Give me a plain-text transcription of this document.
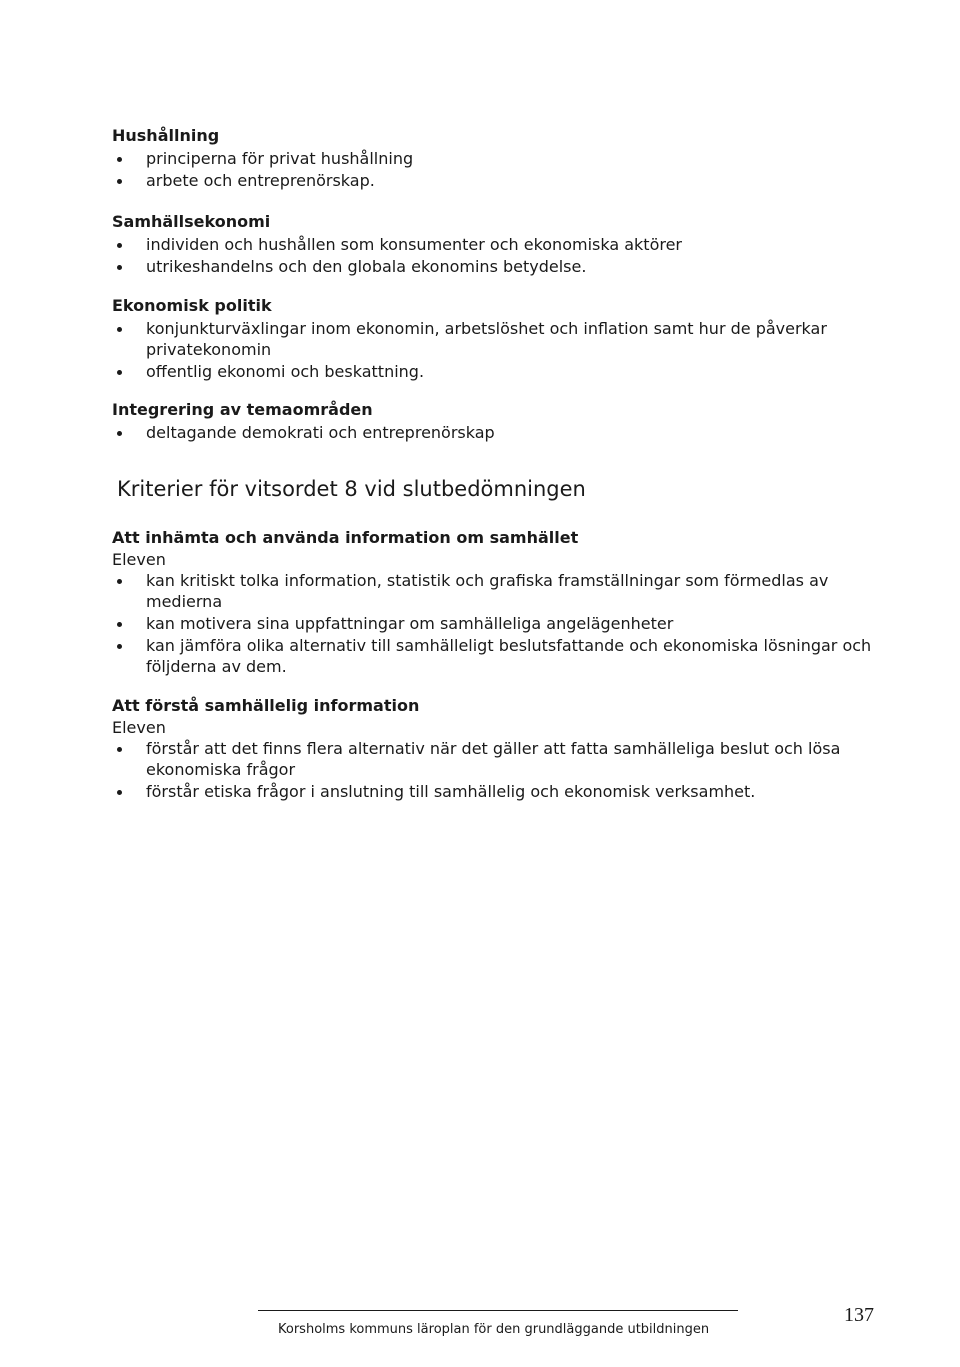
Hushållning
principerna för privat hushållning
arbete och entreprenörskap.
Samhällsekonomi
individen och hushållen som konsumenter och ekonomiska aktörer
utrikeshandelns och den globala ekonomins betydelse.
Ekonomisk politik
konjunkturväxlingar inom ekonomin, arbetslöshet och inflation samt hur de påverkar privatekonomin
offentlig ekonomi och beskattning.
Integrering av temaområden
deltagande demokrati och entreprenörskap
Kriterier för vitsordet 8 vid slutbedömningen
Att inhämta och använda information om samhället

Eleven

kan kritiskt tolka information, statistik och grafiska framställningar som förmedlas av medierna
kan motivera sina uppfattningar om samhälleliga angelägenheter
kan jämföra olika alternativ till samhälleligt beslutsfattande och ekonomiska lösningar och följderna av dem.
Att förstå samhällelig information

Eleven

förstår att det finns flera alternativ när det gäller att fatta samhälleliga beslut och lösa ekonomiska frågor
förstår etiska frågor i anslutning till samhällelig och ekonomisk verksamhet.
Korsholms kommuns läroplan för den grundläggande utbildningen
137
